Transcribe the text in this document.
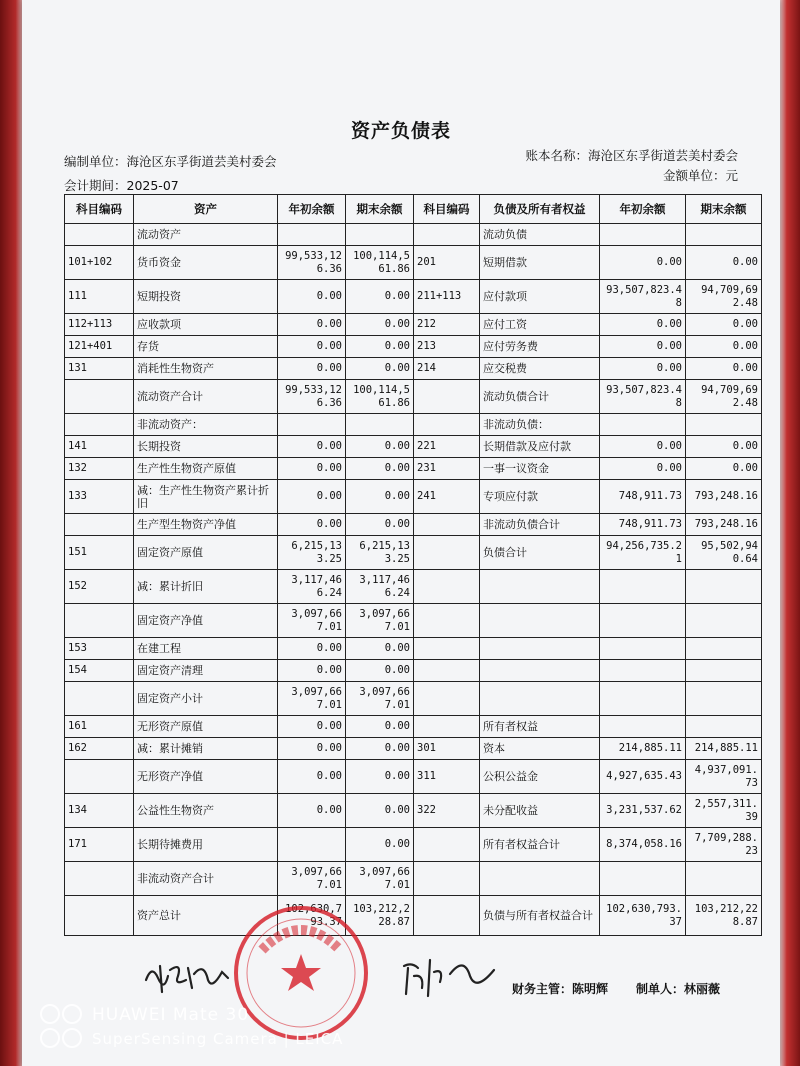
资产负债表
编制单位：海沧区东孚街道芸美村委会
会计期间：2025-07
账本名称：海沧区东孚街道芸美村委会
金额单位：元
科目编码	资产	年初余额	期末余额	科目编码	负债及所有者权益	年初余额	期末余额
	流动资产				流动负债		
101+102	货币资金	99,533,126.36	100,114,561.86	201	短期借款	0.00	0.00
111	短期投资	0.00	0.00	211+113	应付款项	93,507,823.48	94,709,692.48
112+113	应收款项	0.00	0.00	212	应付工资	0.00	0.00
121+401	存货	0.00	0.00	213	应付劳务费	0.00	0.00
131	消耗性生物资产	0.00	0.00	214	应交税费	0.00	0.00
	流动资产合计	99,533,126.36	100,114,561.86		流动负债合计	93,507,823.48	94,709,692.48
	非流动资产：				非流动负债：		
141	长期投资	0.00	0.00	221	长期借款及应付款	0.00	0.00
132	生产性生物资产原值	0.00	0.00	231	一事一议资金	0.00	0.00
133	减：生产性生物资产累计折旧	0.00	0.00	241	专项应付款	748,911.73	793,248.16
	生产型生物资产净值	0.00	0.00		非流动负债合计	748,911.73	793,248.16
151	固定资产原值	6,215,133.25	6,215,133.25		负债合计	94,256,735.21	95,502,940.64
152	减：累计折旧	3,117,466.24	3,117,466.24				
	固定资产净值	3,097,667.01	3,097,667.01				
153	在建工程	0.00	0.00				
154	固定资产清理	0.00	0.00				
	固定资产小计	3,097,667.01	3,097,667.01				
161	无形资产原值	0.00	0.00		所有者权益		
162	减：累计摊销	0.00	0.00	301	资本	214,885.11	214,885.11
	无形资产净值	0.00	0.00	311	公积公益金	4,927,635.43	4,937,091.73
134	公益性生物资产	0.00	0.00	322	未分配收益	3,231,537.62	2,557,311.39
171	长期待摊费用		0.00		所有者权益合计	8,374,058.16	7,709,288.23
	非流动资产合计	3,097,667.01	3,097,667.01				
	资产总计	102,630,793.37	103,212,228.87		负债与所有者权益合计	102,630,793.37	103,212,228.87
财务主管：陈明辉 制单人：林丽薇
HUAWEI Mate 30
SuperSensing Camera | LEICA
